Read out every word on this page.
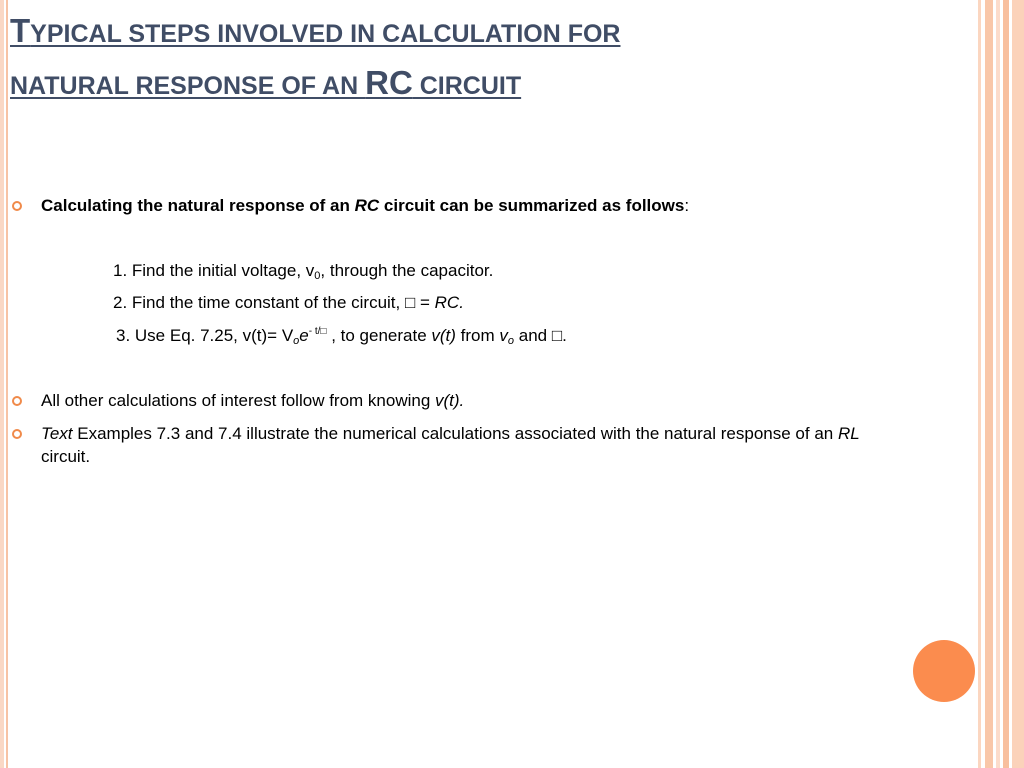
TYPICAL STEPS INVOLVED IN CALCULATION FOR
NATURAL RESPONSE OF AN RC CIRCUIT
Calculating the natural response of an RC circuit can be summarized as follows:
1. Find the initial voltage, $v_0$, through the capacitor.
2. Find the time constant of the circuit, □ = RC.
3. Use Eq. 7.25, $v(t)= V_oe^{- t/□}$ , to generate v(t) from $v_o$ and □.
All other calculations of interest follow from knowing v(t).
Text Examples 7.3 and 7.4 illustrate the numerical calculations associated with the natural response of an RL
circuit.
